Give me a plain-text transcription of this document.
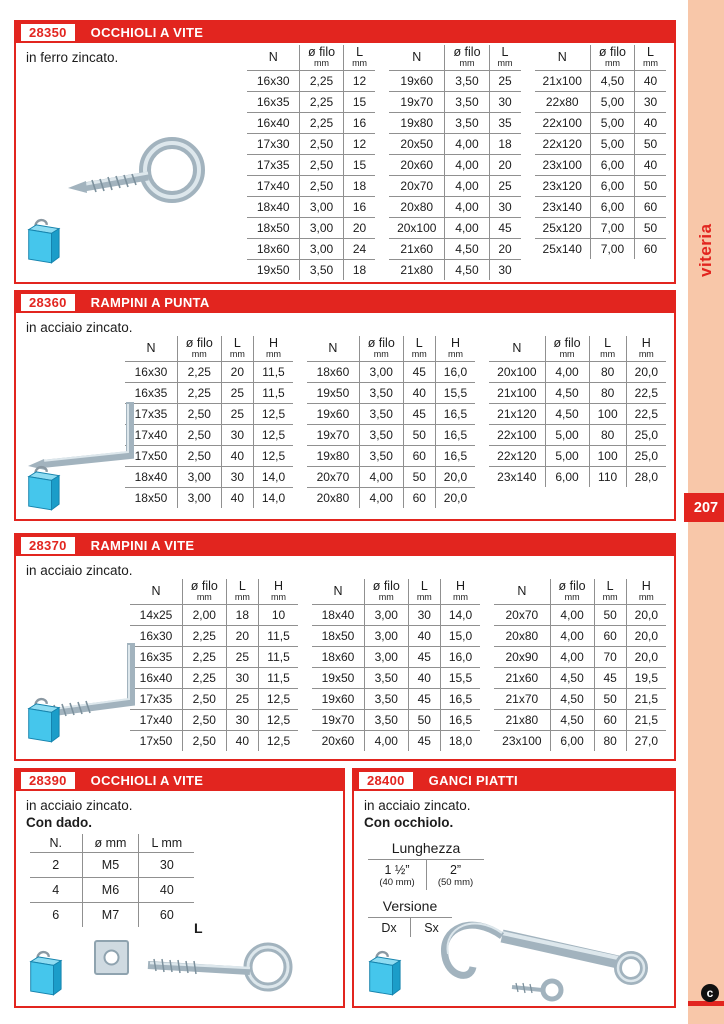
28350	OCCHIOLI A VITE
in ferro zincato.	N	ø filo
mm

L
mm

16x30	2,25	12
16x35	2,25	15
16x40	2,25	16
17x30	2,50	12
17x35	2,50	15
17x40	2,50	18
18x40	3,00	16
18x50	3,00	20
18x60	3,00	24
19x50	3,50	18
N	ø filo
mm

L
mm

19x60	3,50	25
19x70	3,50	30
19x80	3,50	35
20x50	4,00	18
20x60	4,00	20
20x70	4,00	25
20x80	4,00	30
20x100	4,00	45
21x60	4,50	20
21x80	4,50	30
N	ø filo
mm

L
mm

21x100	4,50	40
22x80	5,00	30
22x100	5,00	40
22x120	5,00	50
23x100	6,00	40
23x120	6,00	50
23x140	6,00	60
25x120	7,00	50
25x140	7,00	60
28360	RAMPINI A PUNTA
in acciaio zincato.
N	ø filo
mm

L
mm

H
mm

16x30	2,25	20	11,5
16x35	2,25	25	11,5
17x35	2,50	25	12,5
17x40	2,50	30	12,5
17x50	2,50	40	12,5
18x40	3,00	30	14,0
18x50	3,00	40	14,0
N	ø filo
mm

L
mm

H
mm

18x60	3,00	45	16,0
19x50	3,50	40	15,5
19x60	3,50	45	16,5
19x70	3,50	50	16,5
19x80	3,50	60	16,5
20x70	4,00	50	20,0
20x80	4,00	60	20,0
N	ø filo
mm

L
mm

H
mm

20x100	4,00	80	20,0
21x100	4,50	80	22,5
21x120	4,50	100	22,5
22x100	5,00	80	25,0
22x120	5,00	100	25,0
23x140	6,00	110	28,0
28370	RAMPINI A VITE
in acciaio zincato.
N	ø filo
mm

L
mm

H
mm

14x25	2,00	18	10
16x30	2,25	20	11,5
16x35	2,25	25	11,5
16x40	2,25	30	11,5
17x35	2,50	25	12,5
17x40	2,50	30	12,5
17x50	2,50	40	12,5
N	ø filo
mm

L
mm

H
mm

18x40	3,00	30	14,0
18x50	3,00	40	15,0
18x60	3,00	45	16,0
19x50	3,50	40	15,5
19x60	3,50	45	16,5
19x70	3,50	50	16,5
20x60	4,00	45	18,0
N	ø filo
mm

L
mm

H
mm

20x70	4,00	50	20,0
20x80	4,00	60	20,0
20x90	4,00	70	20,0
21x60	4,50	45	19,5
21x70	4,50	50	21,5
21x80	4,50	60	21,5
23x100	6,00	80	27,0
28390	OCCHIOLI A VITE
in acciaio zincato.
Con dado.
N.	ø mm	L mm

2	M5	30
4	M6	40
6	M7	60
L
28400	GANCI PIATTI
in acciaio zincato.
Con occhiolo.
Lunghezza
1 ½”
(40 mm)
2”
(50 mm)
Versione
Dx	Sx
viteria
207
c
